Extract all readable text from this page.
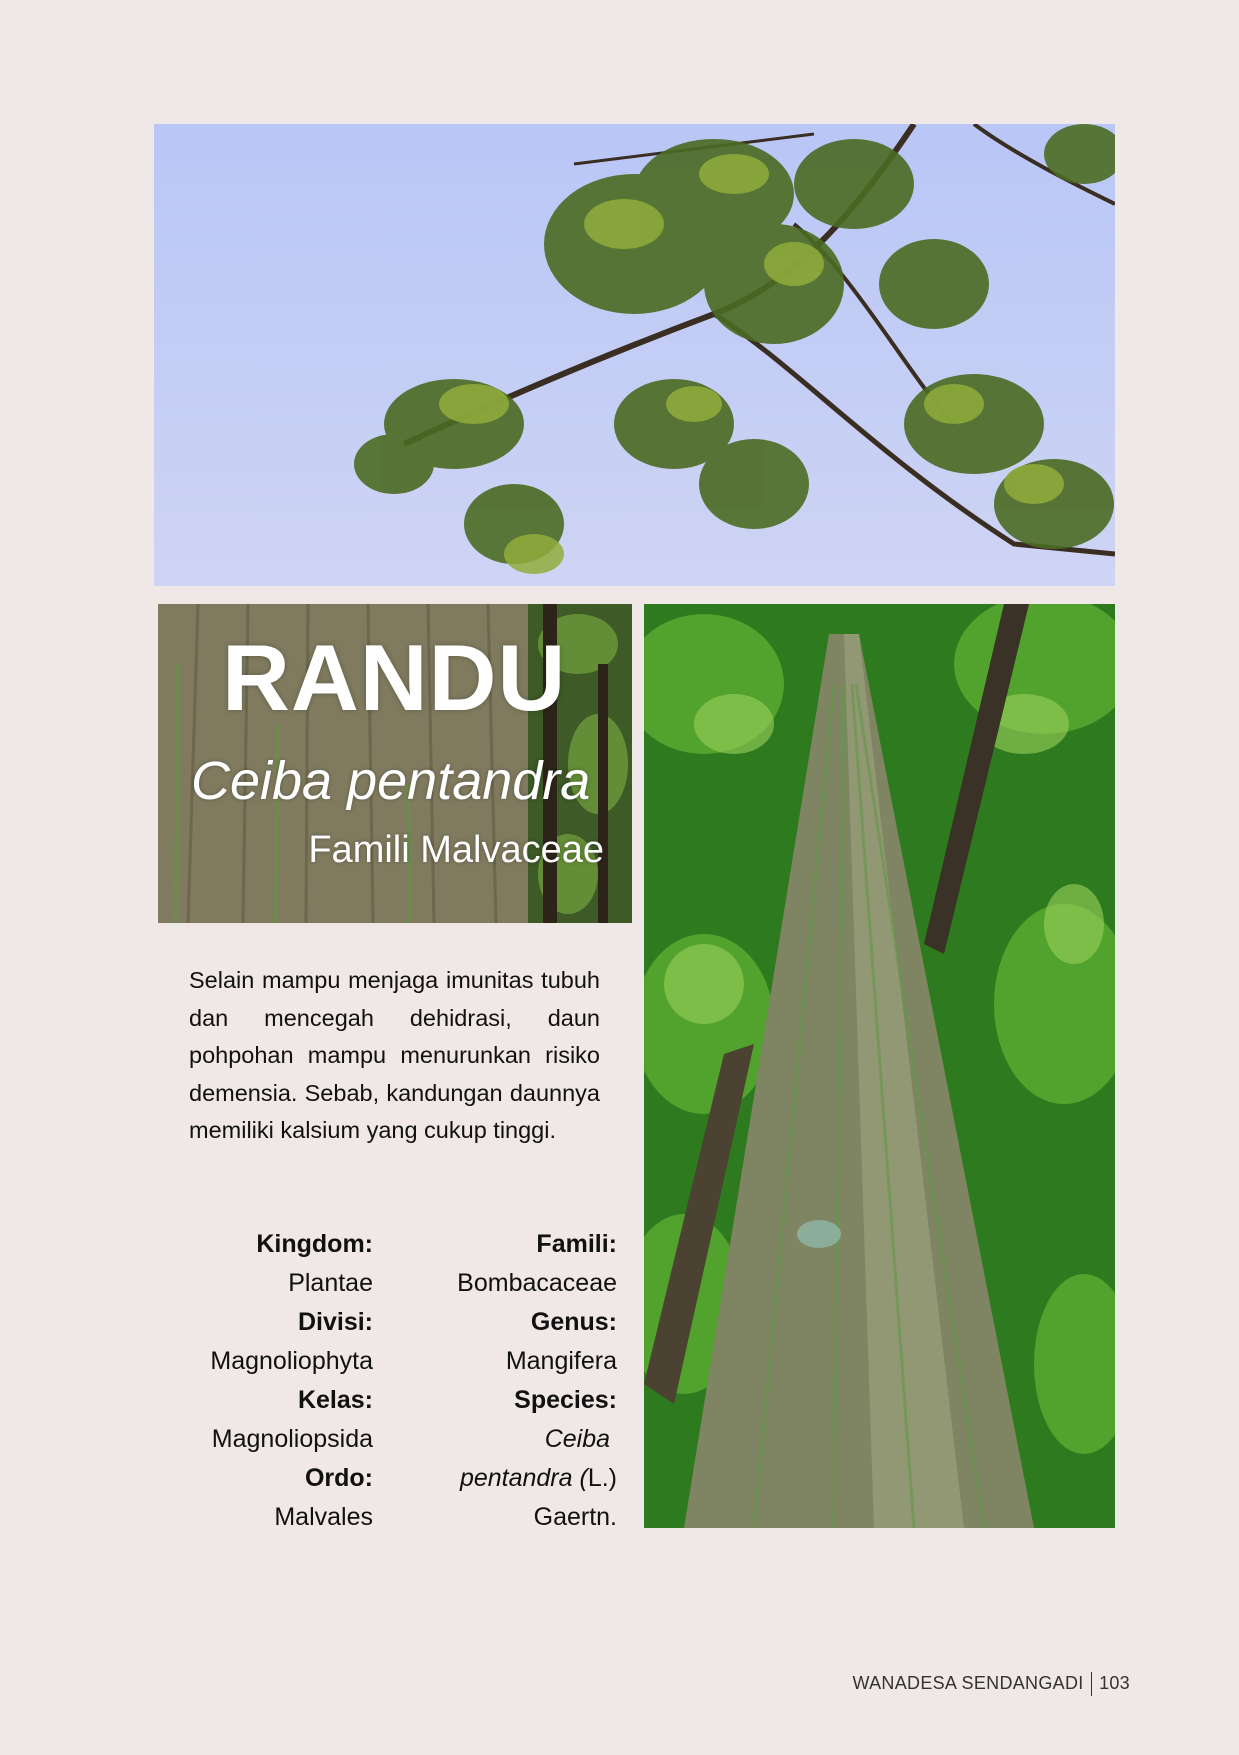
RANDU
Ceiba pentandra
Famili Malvaceae

Selain mampu menjaga imunitas tubuh dan mencegah dehidrasi, daun pohpohan mampu menurunkan risiko demensia. Sebab, kandungan daunnya memiliki kalsium yang cukup tinggi.

Kingdom:
Plantae
Divisi:
Magnoliophyta
Kelas:
Magnoliopsida
Ordo:
Malvales
Famili:
Bombacaceae
Genus:
Mangifera
Species:
Ceiba
pentandra (L.)
Gaertn.
WANADESA SENDANGADI 103
